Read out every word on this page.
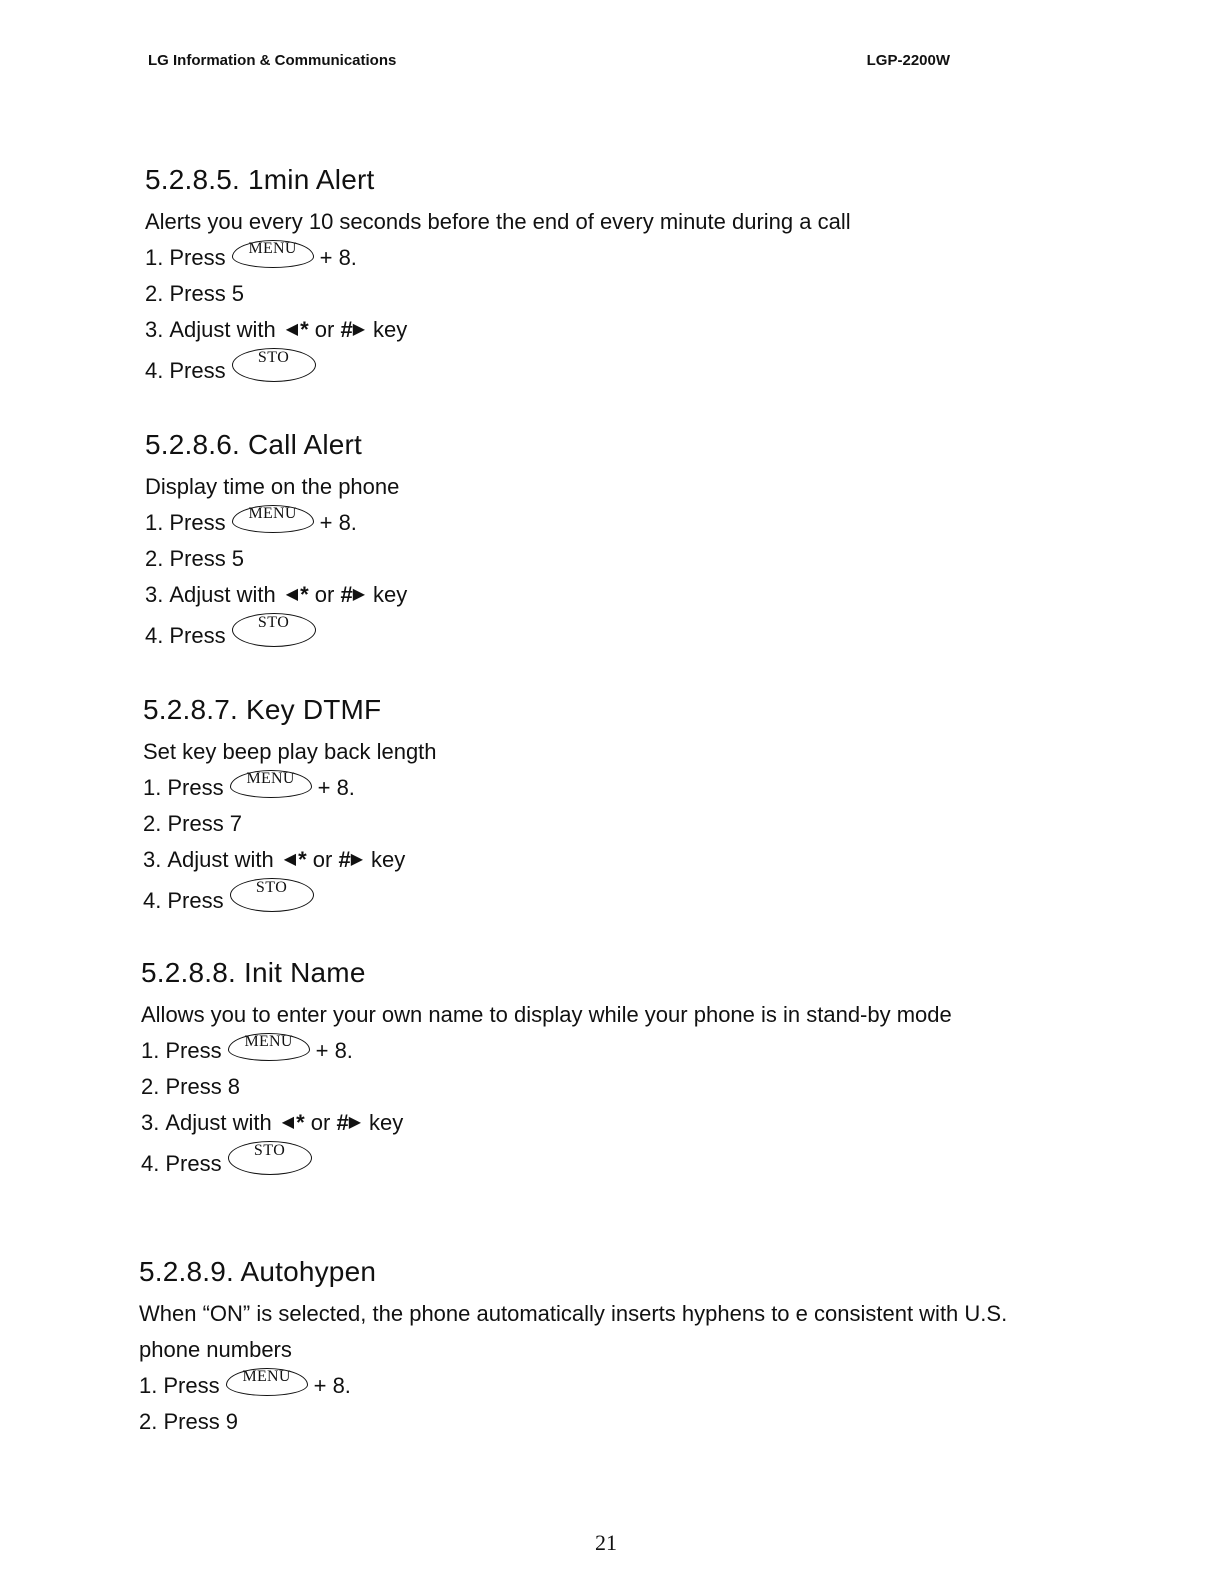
LG Information & Communications	LGP-2200W
5.2.8.5. 1min Alert

Alerts you every 10 seconds before the end of every minute during a call

1. Press	MENU	+ 8.
2. Press 5
3. Adjust with ◀ *
or
# ▶ key
4. Press
STO
5.2.8.6. Call Alert

Display time on the phone

1. Press	MENU	+ 8.
2. Press 5
3. Adjust with ◀ *
or
# ▶ key
4. Press
STO
5.2.8.7. Key DTMF

Set key beep play back length

1. Press	MENU	+ 8.
2. Press 7
3. Adjust with ◀ *
or
# ▶ key
4. Press
STO
5.2.8.8. Init Name

Allows you to enter your own name to display while your phone is in stand-by mode

1. Press	MENU	+ 8.
2. Press 8
3. Adjust with ◀ *
or
# ▶ key
4. Press
STO
5.2.8.9. Autohypen

When “ON” is selected, the phone automatically inserts hyphens to e consistent with U.S. phone numbers

1. Press	MENU	+ 8.
2. Press 9
21
